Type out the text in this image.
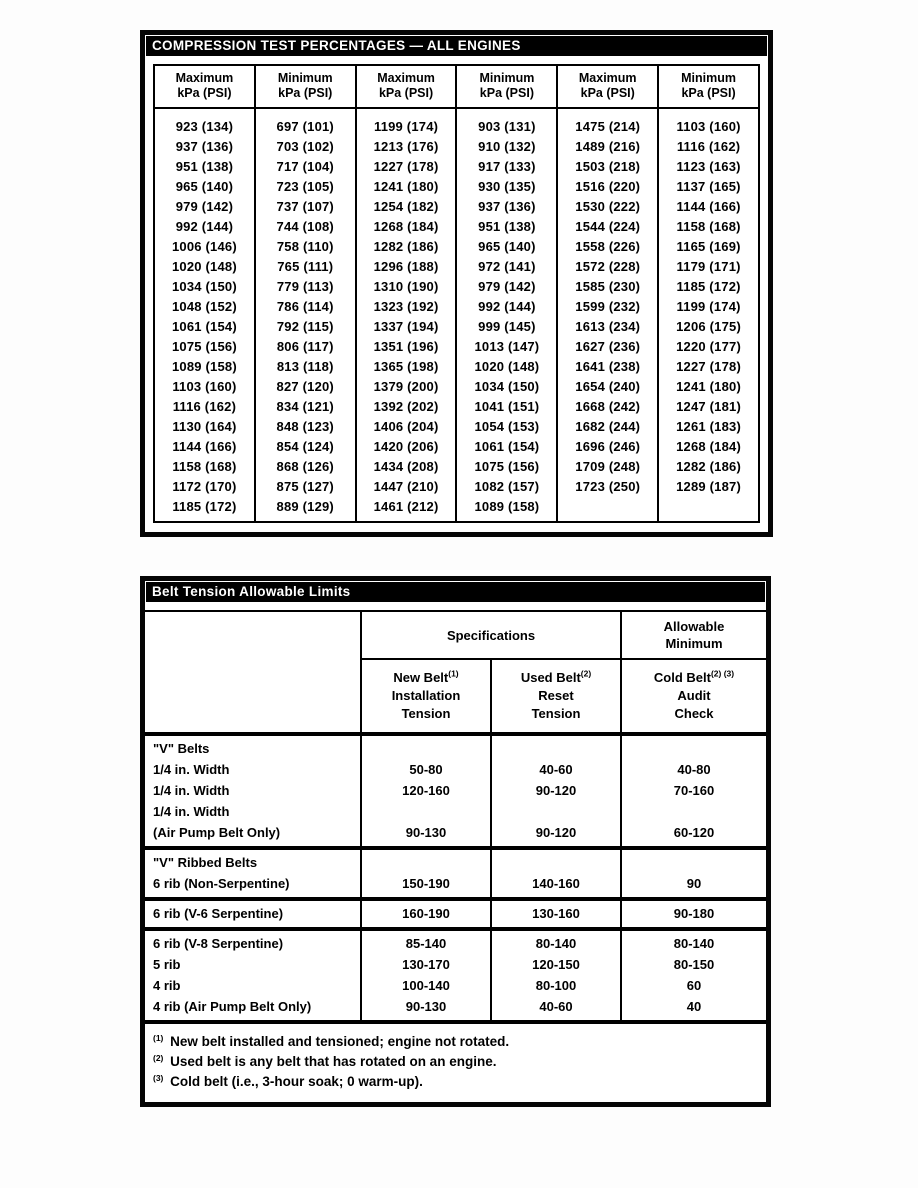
COMPRESSION TEST PERCENTAGES — ALL ENGINES
Maximum
kPa (PSI)

Minimum
kPa (PSI)

Maximum
kPa (PSI)

Minimum
kPa (PSI)

Maximum
kPa (PSI)

Minimum
kPa (PSI)

923 (134)	697 (101)	1199 (174)	903 (131)	1475 (214)	1103 (160)
937 (136)	703 (102)	1213 (176)	910 (132)	1489 (216)	1116 (162)
951 (138)	717 (104)	1227 (178)	917 (133)	1503 (218)	1123 (163)
965 (140)	723 (105)	1241 (180)	930 (135)	1516 (220)	1137 (165)
979 (142)	737 (107)	1254 (182)	937 (136)	1530 (222)	1144 (166)
992 (144)	744 (108)	1268 (184)	951 (138)	1544 (224)	1158 (168)
1006 (146)	758 (110)	1282 (186)	965 (140)	1558 (226)	1165 (169)
1020 (148)	765 (111)	1296 (188)	972 (141)	1572 (228)	1179 (171)
1034 (150)	779 (113)	1310 (190)	979 (142)	1585 (230)	1185 (172)
1048 (152)	786 (114)	1323 (192)	992 (144)	1599 (232)	1199 (174)
1061 (154)	792 (115)	1337 (194)	999 (145)	1613 (234)	1206 (175)
1075 (156)	806 (117)	1351 (196)	1013 (147)	1627 (236)	1220 (177)
1089 (158)	813 (118)	1365 (198)	1020 (148)	1641 (238)	1227 (178)
1103 (160)	827 (120)	1379 (200)	1034 (150)	1654 (240)	1241 (180)
1116 (162)	834 (121)	1392 (202)	1041 (151)	1668 (242)	1247 (181)
1130 (164)	848 (123)	1406 (204)	1054 (153)	1682 (244)	1261 (183)
1144 (166)	854 (124)	1420 (206)	1061 (154)	1696 (246)	1268 (184)
1158 (168)	868 (126)	1434 (208)	1075 (156)	1709 (248)	1282 (186)
1172 (170)	875 (127)	1447 (210)	1082 (157)	1723 (250)	1289 (187)
1185 (172)	889 (129)	1461 (212)	1089 (158)		
Belt Tension Allowable Limits
	Specifications		Allowable
Minimum

New Belt$^{(1)}$
Installation
Tension

Used Belt$^{(2)}$
Reset
Tension

Cold Belt$^{(2) (3)}$
Audit
Check

"V" Belts			
1/4 in. Width	50-80	40-60	40-80
1/4 in. Width	120-160	90-120	70-160
1/4 in. Width			
(Air Pump Belt Only)	90-130	90-120	60-120
"V" Ribbed Belts			
6 rib (Non-Serpentine)	150-190	140-160	90
6 rib (V-6 Serpentine)	160-190	130-160	90-180
6 rib (V-8 Serpentine)	85-140	80-140	80-140
5 rib	130-170	120-150	80-150
4 rib	100-140	80-100	60
4 rib (Air Pump Belt Only)	90-130	40-60	40
$^{(1)}$ New belt installed and tensioned; engine not rotated.
$^{(2)}$ Used belt is any belt that has rotated on an engine.
$^{(3)}$ Cold belt (i.e., 3-hour soak; 0 warm-up).
